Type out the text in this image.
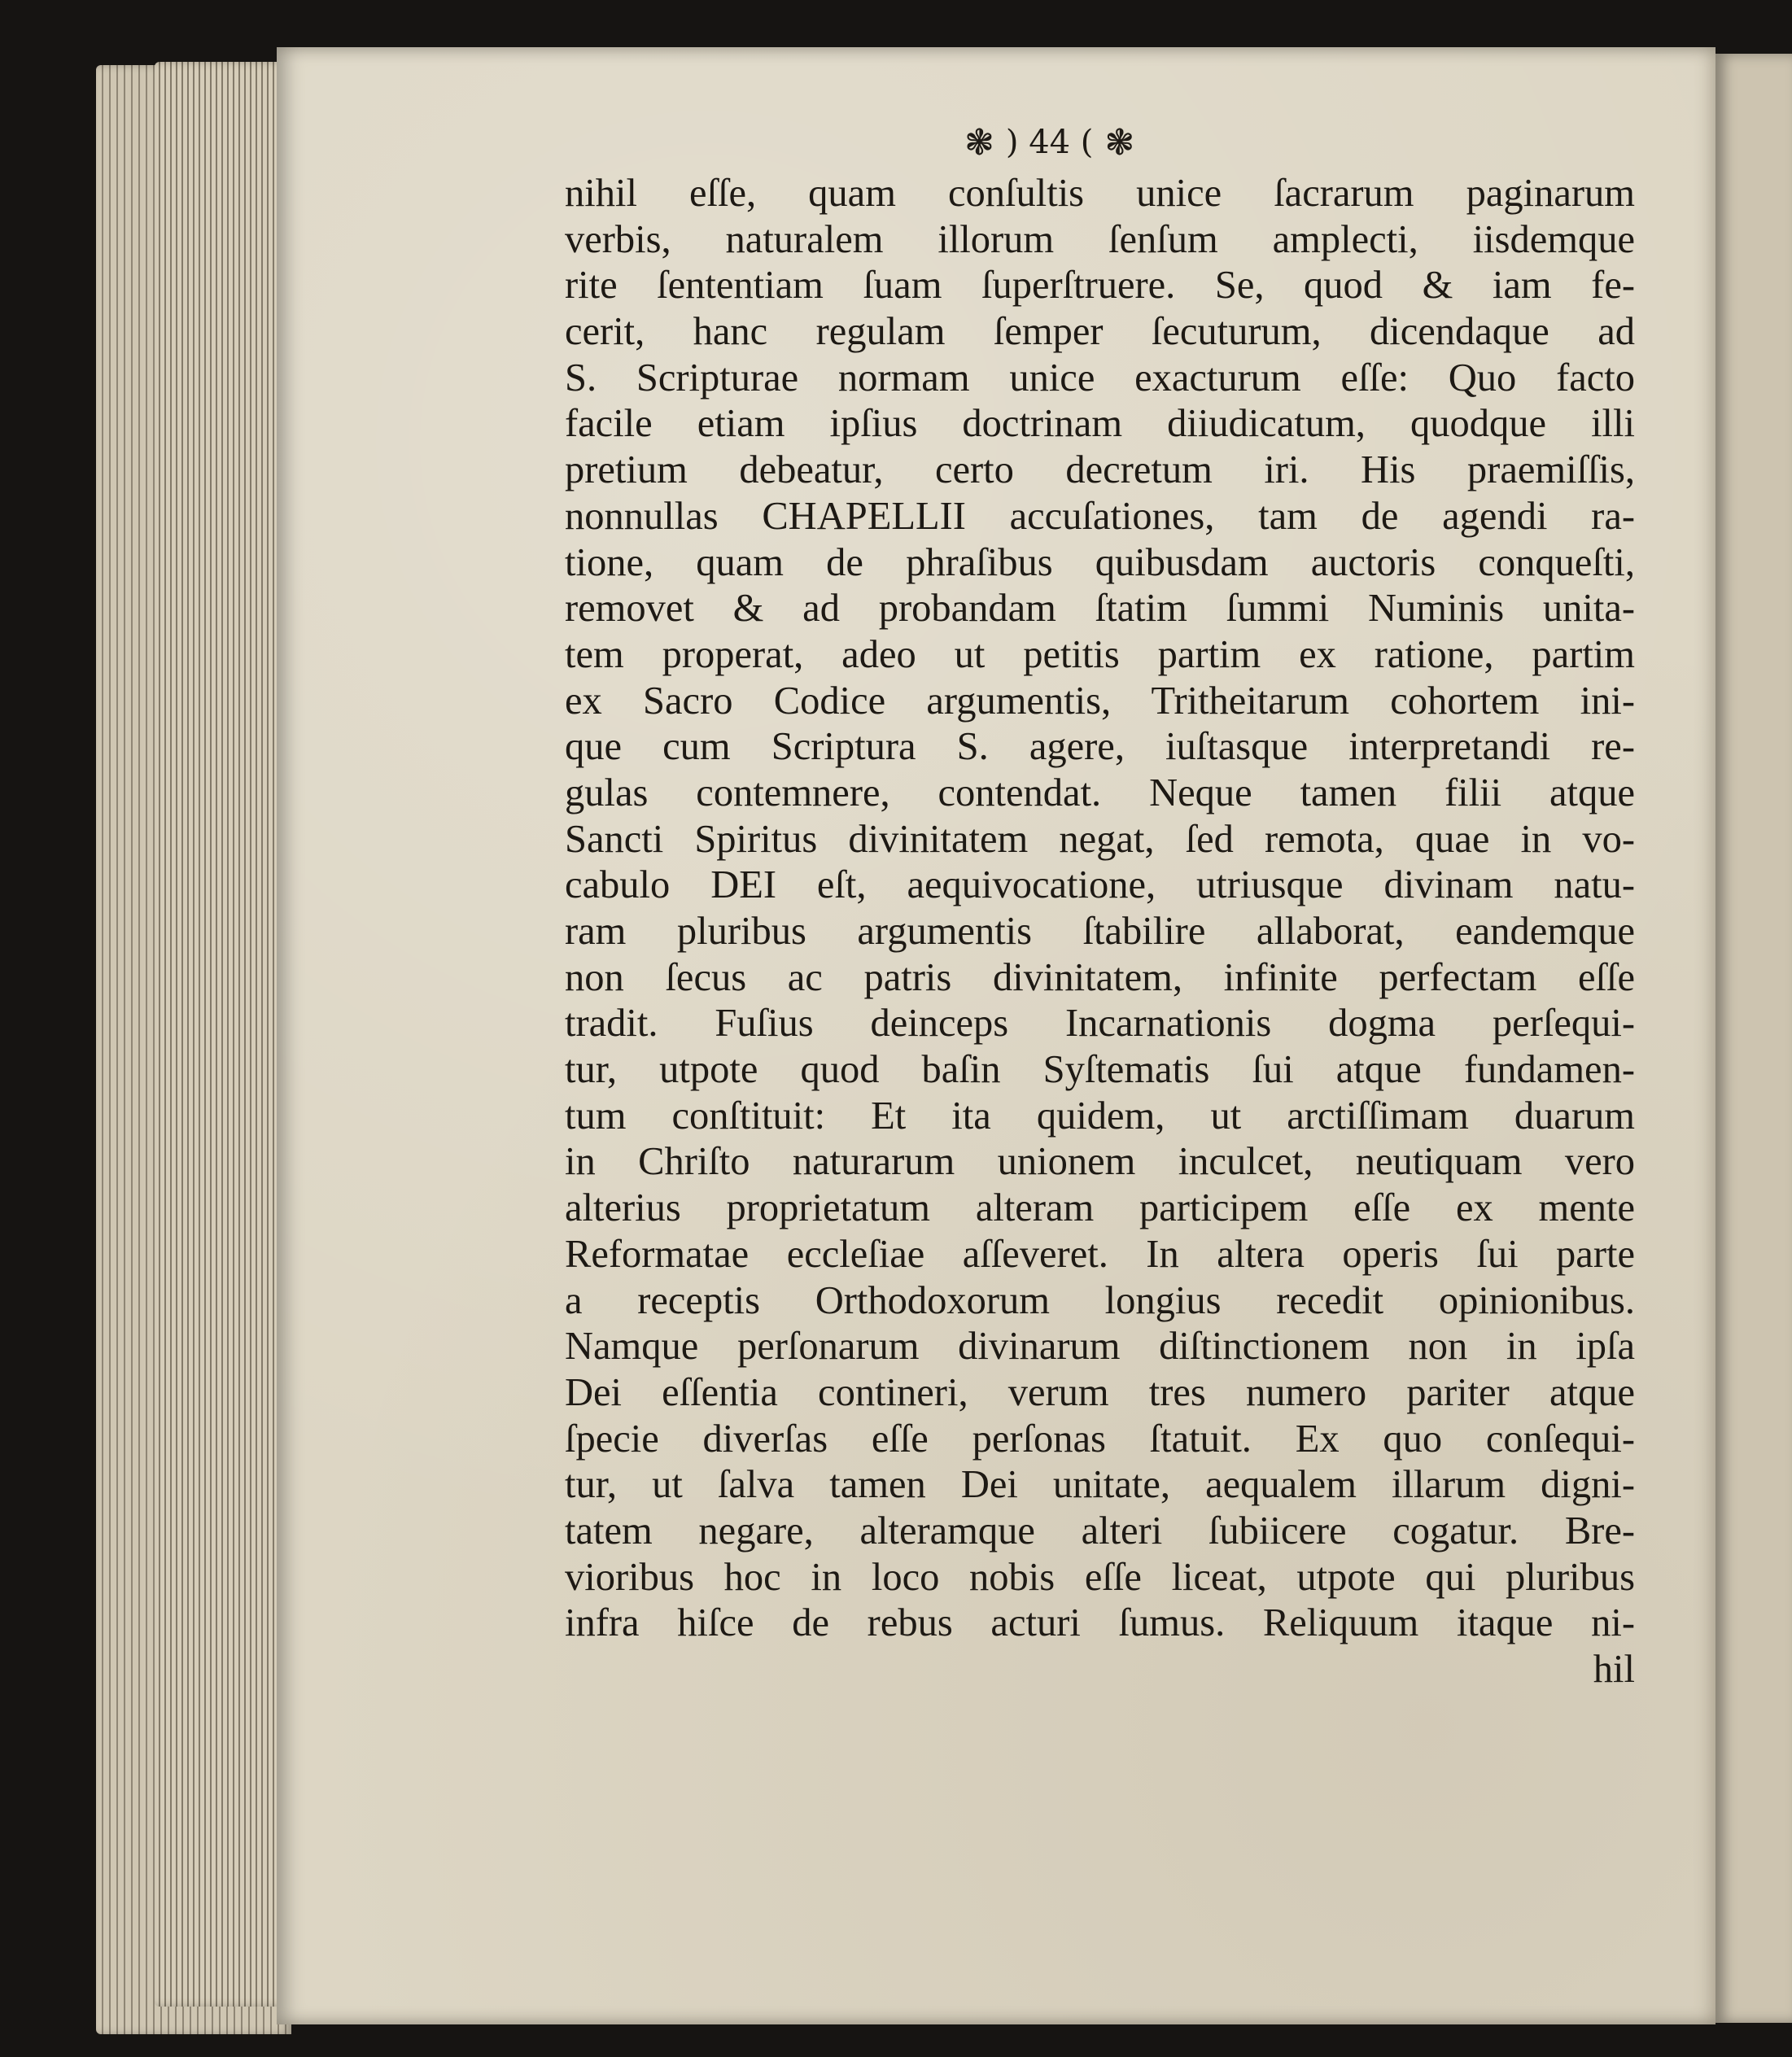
❃ ) 44 ( ❃
nihil eſſe, quam conſultis unice ſacrarum paginarum
verbis, naturalem illorum ſenſum amplecti, iisdemque
rite ſententiam ſuam ſuperſtruere. Se, quod & iam fe-
cerit, hanc regulam ſemper ſecuturum, dicendaque ad
S. Scripturae normam unice exacturum eſſe: Quo facto
facile etiam ipſius doctrinam diiudicatum, quodque illi
pretium debeatur, certo decretum iri. His praemiſſis,
nonnullas CHAPELLII accuſationes, tam de agendi ra-
tione, quam de phraſibus quibusdam auctoris conqueſti,
removet & ad probandam ſtatim ſummi Numinis unita-
tem properat, adeo ut petitis partim ex ratione, partim
ex Sacro Codice argumentis, Tritheitarum cohortem ini-
que cum Scriptura S. agere, iuſtasque interpretandi re-
gulas contemnere, contendat. Neque tamen filii atque
Sancti Spiritus divinitatem negat, ſed remota, quae in vo-
cabulo DEI eſt, aequivocatione, utriusque divinam natu-
ram pluribus argumentis ſtabilire allaborat, eandemque
non ſecus ac patris divinitatem, infinite perfectam eſſe
tradit. Fuſius deinceps Incarnationis dogma perſequi-
tur, utpote quod baſin Syſtematis ſui atque fundamen-
tum conſtituit: Et ita quidem, ut arctiſſimam duarum
in Chriſto naturarum unionem inculcet, neutiquam vero
alterius proprietatum alteram participem eſſe ex mente
Reformatae eccleſiae aſſeveret. In altera operis ſui parte
a receptis Orthodoxorum longius recedit opinionibus.
Namque perſonarum divinarum diſtinctionem non in ipſa
Dei eſſentia contineri, verum tres numero pariter atque
ſpecie diverſas eſſe perſonas ſtatuit. Ex quo conſequi-
tur, ut ſalva tamen Dei unitate, aequalem illarum digni-
tatem negare, alteramque alteri ſubiicere cogatur. Bre-
vioribus hoc in loco nobis eſſe liceat, utpote qui pluribus
infra hiſce de rebus acturi ſumus. Reliquum itaque ni-
hil
